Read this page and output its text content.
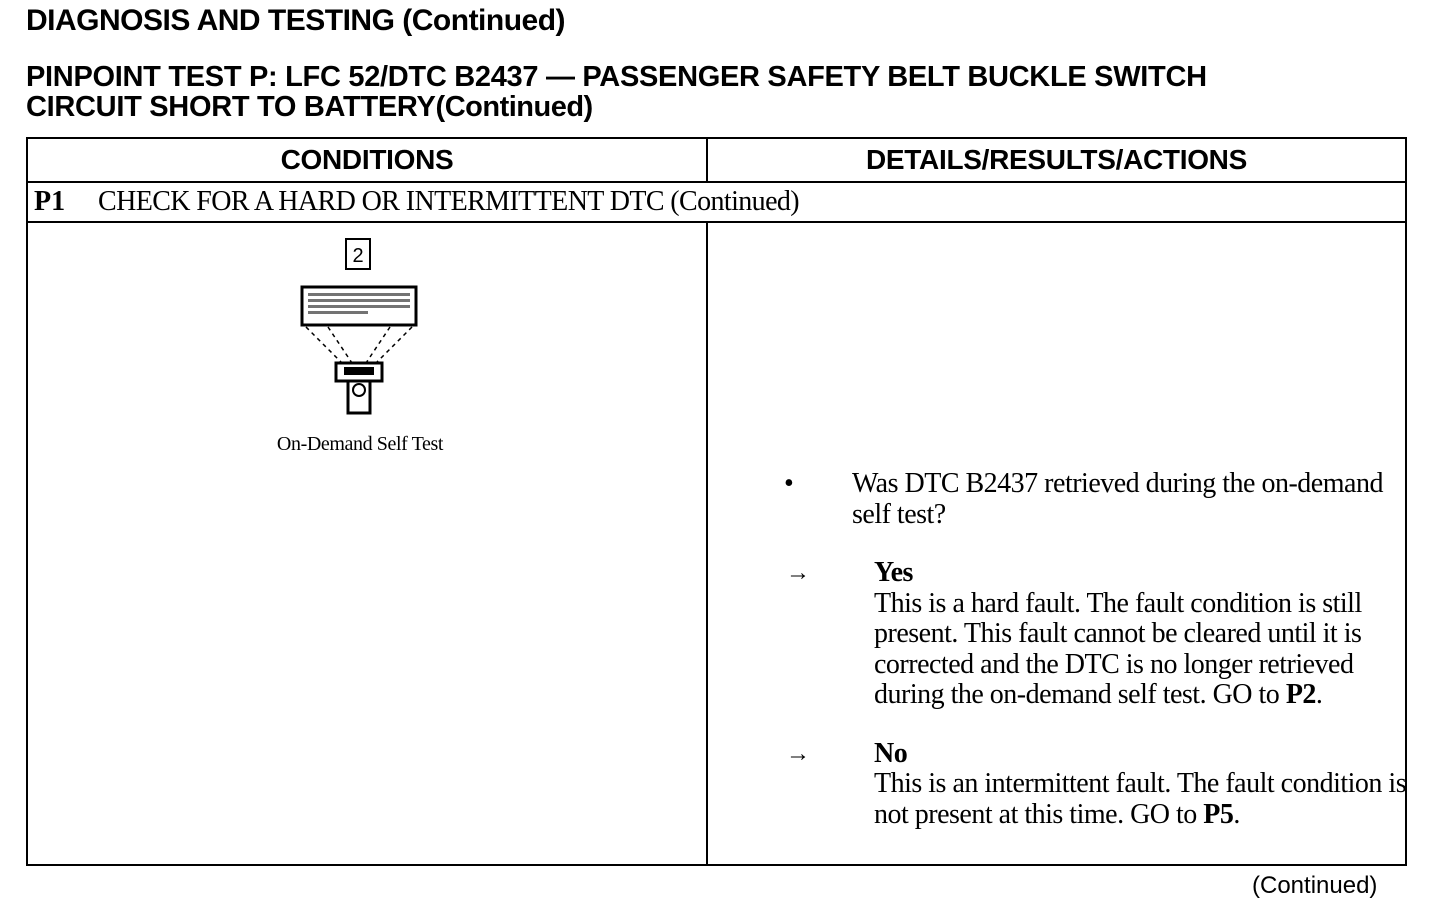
DIAGNOSIS AND TESTING (Continued)
PINPOINT TEST P: LFC 52/DTC B2437 — PASSENGER SAFETY BELT BUCKLE SWITCH
CIRCUIT SHORT TO BATTERY(Continued)
CONDITIONS	DETAILS/RESULTS/ACTIONS
P1 CHECK FOR A HARD OR INTERMITTENT DTC (Continued)
2
On-Demand Self Test
• Was DTC B2437 retrieved during the on-demand self test?
→ Yes
This is a hard fault. The fault condition is still present. This fault cannot be cleared until it is corrected and the DTC is no longer retrieved during the on-demand self test. GO to P2.
→ No
This is an intermittent fault. The fault condition is not present at this time. GO to P5.
(Continued)
